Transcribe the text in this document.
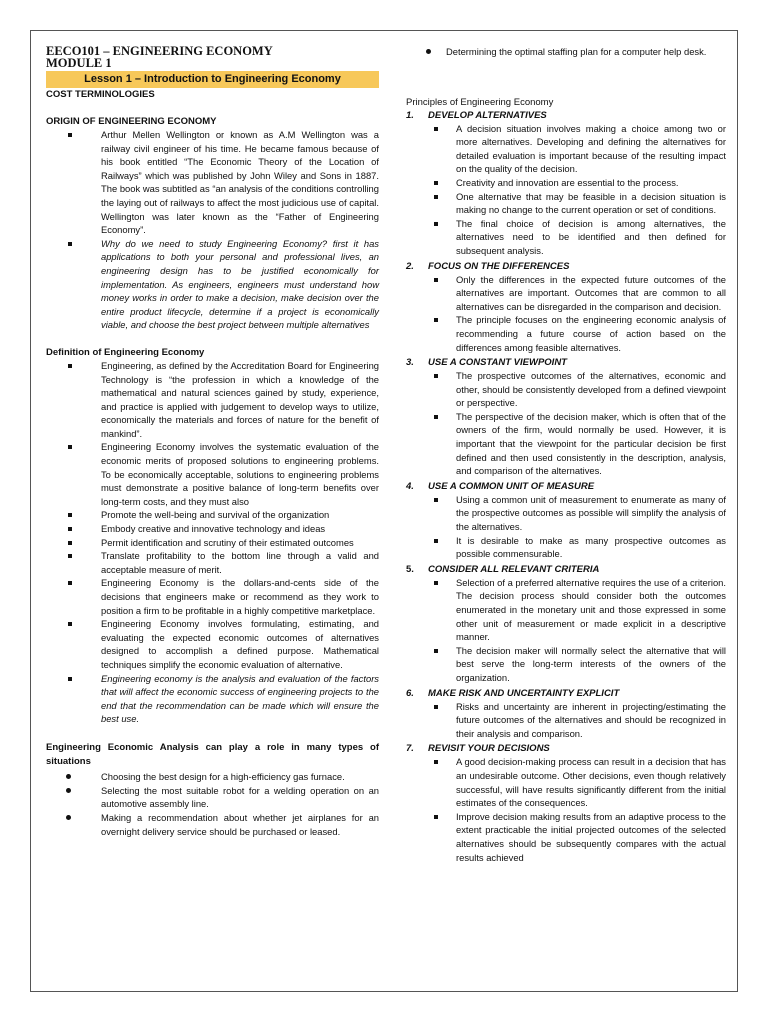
EECO101 – ENGINEERING ECONOMY

MODULE 1

Lesson 1 – Introduction to Engineering Economy

COST TERMINOLOGIES

ORIGIN OF ENGINEERING ECONOMY

Arthur Mellen Wellington or known as A.M Wellington was a railway civil engineer of his time. He became famous because of his book entitled “The Economic Theory of the Location of Railways” which was published by John Wiley and Sons in 1887. The book was subtitled as “an analysis of the conditions controlling the laying out of railways to affect the most judicious use of capital. Wellington was later known as the “Father of Engineering Economy”.
Why do we need to study Engineering Economy? first it has applications to both your personal and professional lives, an engineering design has to be justified economically for implementation. As engineers, engineers must understand how money works in order to make a decision, make decision over the entire product lifecycle, determine if a project is economically viable, and choose the best project between multiple alternatives

Definition of Engineering Economy

Engineering, as defined by the Accreditation Board for Engineering Technology is “the profession in which a knowledge of the mathematical and natural sciences gained by study, experience, and practice is applied with judgement to develop ways to utilize, economically the materials and forces of nature for the benefit of mankind”.
Engineering Economy involves the systematic evaluation of the economic merits of proposed solutions to engineering problems. To be economically acceptable, solutions to engineering problems must demonstrate a positive balance of long-term benefits over long-term costs, and they must also
Promote the well-being and survival of the organization
Embody creative and innovative technology and ideas
Permit identification and scrutiny of their estimated outcomes
Translate profitability to the bottom line through a valid and acceptable measure of merit.
Engineering Economy is the dollars-and-cents side of the decisions that engineers make or recommend as they work to position a firm to be profitable in a highly competitive marketplace.
Engineering Economy involves formulating, estimating, and evaluating the expected economic outcomes of alternatives designed to accomplish a defined purpose. Mathematical techniques simplify the economic evaluation of alternative.
Engineering economy is the analysis and evaluation of the factors that will affect the economic success of engineering projects to the end that the recommendation can be made which will ensure the best use.

Engineering Economic Analysis can play a role in many types of situations

Choosing the best design for a high-efficiency gas furnace.
Selecting the most suitable robot for a welding operation on an automotive assembly line.
Making a recommendation about whether jet airplanes for an overnight delivery service should be purchased or leased.
Determining the optimal staffing plan for a computer help desk.

Principles of Engineering Economy

1. DEVELOP ALTERNATIVES

A decision situation involves making a choice among two or more alternatives. Developing and defining the alternatives for detailed evaluation is important because of the resulting impact on the quality of the decision.
Creativity and innovation are essential to the process.
One alternative that may be feasible in a decision situation is making no change to the current operation or set of conditions.
The final choice of decision is among alternatives, the alternatives need to be identified and then defined for subsequent analysis.

2. FOCUS ON THE DIFFERENCES

Only the differences in the expected future outcomes of the alternatives are important. Outcomes that are common to all alternatives can be disregarded in the comparison and decision.
The principle focuses on the engineering economic analysis of recommending a future course of action based on the differences among feasible alternatives.

3. USE A CONSTANT VIEWPOINT

The prospective outcomes of the alternatives, economic and other, should be consistently developed from a defined viewpoint or perspective.
The perspective of the decision maker, which is often that of the owners of the firm, would normally be used. However, it is important that the viewpoint for the particular decision be first defined and then used consistently in the description, analysis, and comparison of the alternatives.

4. USE A COMMON UNIT OF MEASURE

Using a common unit of measurement to enumerate as many of the prospective outcomes as possible will simplify the analysis of the alternatives.
It is desirable to make as many prospective outcomes as possible commensurable.

5. CONSIDER ALL RELEVANT CRITERIA

Selection of a preferred alternative requires the use of a criterion. The decision process should consider both the outcomes enumerated in the monetary unit and those expressed in some other unit of measurement or made explicit in a descriptive manner.
The decision maker will normally select the alternative that will best serve the long-term interests of the owners of the organization.

6. MAKE RISK AND UNCERTAINTY EXPLICIT

Risks and uncertainty are inherent in projecting/estimating the future outcomes of the alternatives and should be recognized in their analysis and comparison.

7. REVISIT YOUR DECISIONS

A good decision-making process can result in a decision that has an undesirable outcome. Other decisions, even though relatively successful, will have results significantly different from the initial estimates of the consequences.
Improve decision making results from an adaptive process to the extent practicable the initial projected outcomes of the selected alternatives should be subsequently compares with the actual results achieved
